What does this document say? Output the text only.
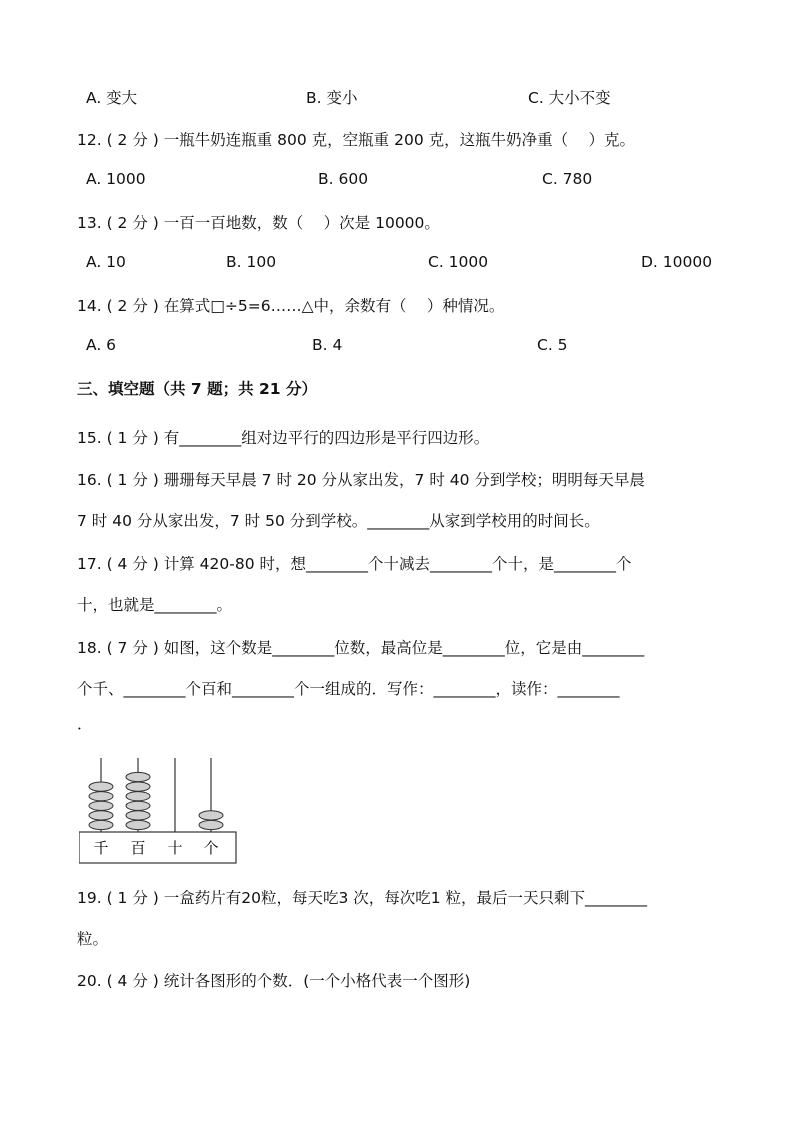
A. 变大	B. 变小	C. 大小不变
12. ( 2 分 ) 一瓶牛奶连瓶重 800 克，空瓶重 200 克，这瓶牛奶净重（　 ）克。
A. 1000	B. 600	C. 780
13. ( 2 分 ) 一百一百地数，数（　 ）次是 10000。
A. 10	B. 100	C. 1000	D. 10000
14. ( 2 分 ) 在算式□÷5=6……△中，余数有（　 ）种情况。
A. 6	B. 4	C. 5
三、填空题（共 7 题；共 21 分）
15. ( 1 分 ) 有________组对边平行的四边形是平行四边形。
16. ( 1 分 ) 珊珊每天早晨 7 时 20 分从家出发，7 时 40 分到学校；明明每天早晨
7 时 40 分从家出发，7 时 50 分到学校。________从家到学校用的时间长。
17. ( 4 分 ) 计算 420-80 时，想________个十减去________个十，是________个
十，也就是________。
18. ( 7 分 ) 如图，这个数是________位数，最高位是________位，它是由________
个千、________个百和________个一组成的．写作：________，读作：________
．
千 百 十 个
19. ( 1 分 ) 一盒药片有20粒，每天吃3 次，每次吃1 粒，最后一天只剩下________
粒。
20. ( 4 分 ) 统计各图形的个数．(一个小格代表一个图形)
